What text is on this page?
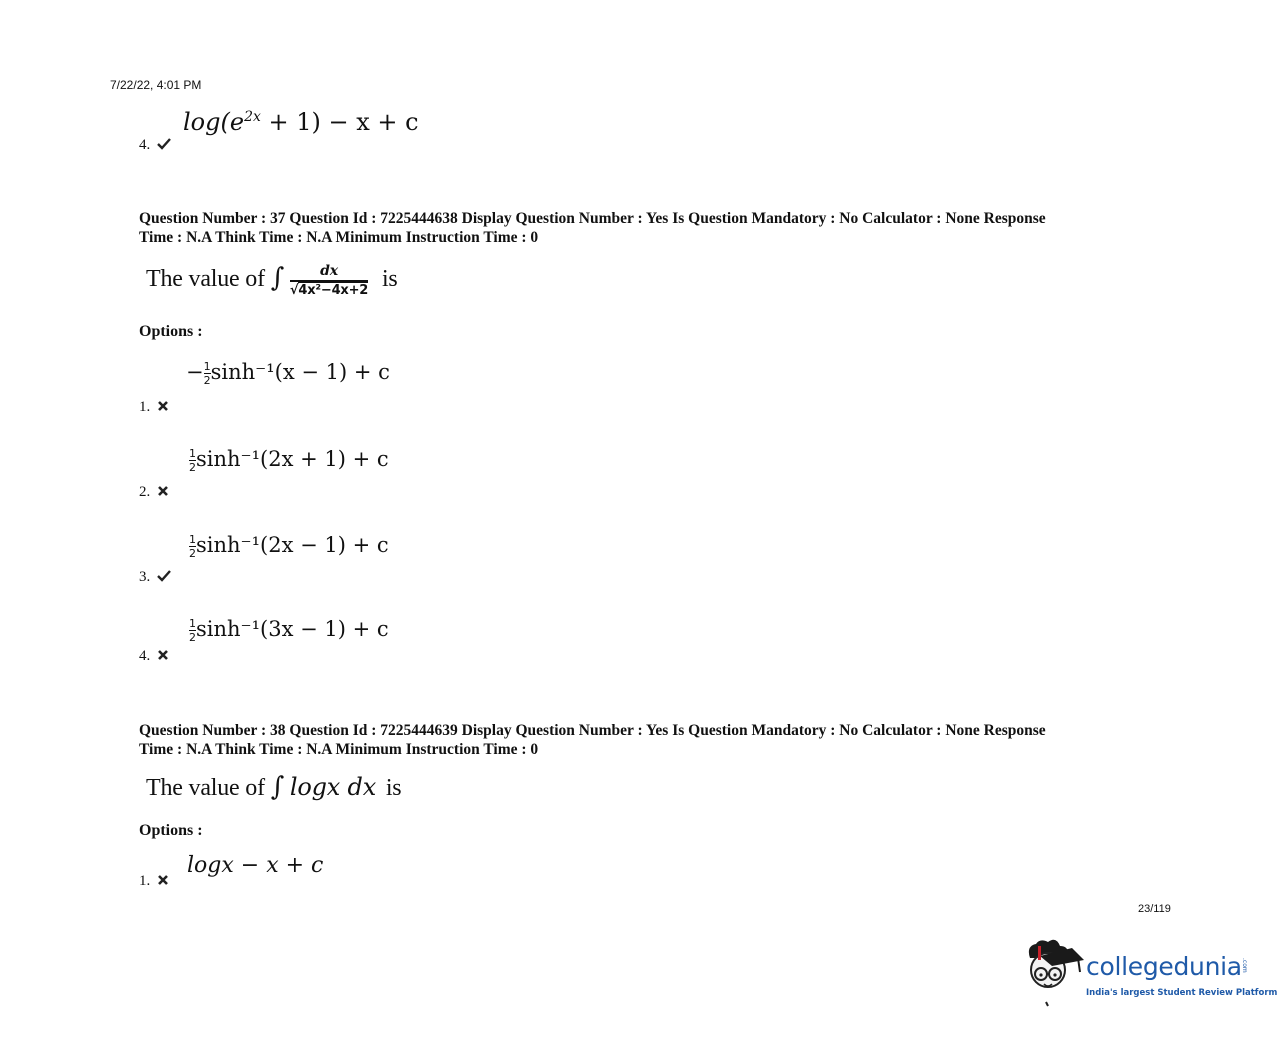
7/22/22, 4:01 PM
$\log(e^{2x} + 1) - x + c$
4.
Question Number : 37 Question Id : 7225444638 Display Question Number : Yes Is Question Mandatory : No Calculator : None Response
Time : N.A Think Time : N.A Minimum Instruction Time : 0
The value of ∫ $\frac{dx}{\text{√4x²−4x+2}}$ is
Options :
− $\frac{1}{2} \sinh^{-1}(x - 1) + c$
1.
$\frac{1}{2} \sinh^{-1}(2x + 1) + c$
2.
$\frac{1}{2} \sinh^{-1}(2x - 1) + c$
3.
$\frac{1}{2} \sinh^{-1}(3x - 1) + c$
4.
Question Number : 38 Question Id : 7225444639 Display Question Number : Yes Is Question Mandatory : No Calculator : None Response
Time : N.A Think Time : N.A Minimum Instruction Time : 0
The value of ∫ logx dx is
Options :
logx − x + c
1.
23/119
collegedunia .com
India's largest Student Review Platform
